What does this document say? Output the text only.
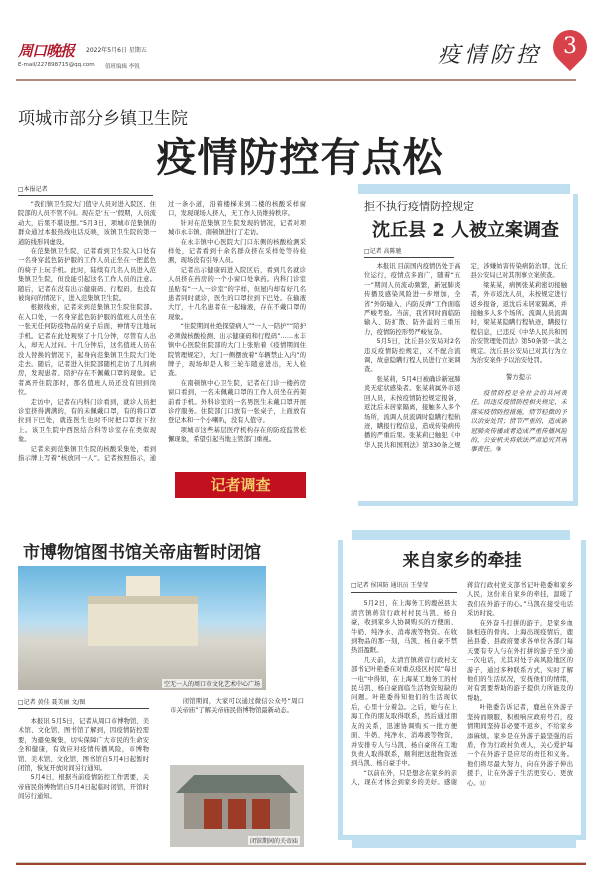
周口晚报 2022年5月6日 星期五
E-mail/227898715@qq.com 值班编辑 李锐	疫情防控 3
项城市部分乡镇卫生院
疫情防控有点松
□本报记者

“我们镇卫生院大门值守人员对进入院区、住院部的人员不管不问。现在是‘五一’假期，人员流动大，后果不堪设想。”5月3日，项城市范集镇的群众通过本报热线电话反映，该镇卫生院的第一道防线形同虚设。

在范集镇卫生院，记者看到卫生院入口处有一名身穿蓝色防护服的工作人员正坐在一把蓝色的椅子上玩手机。此时，陆续有几名人员进入范集镇卫生院，但没能引起这名工作人员的注意。随后，记者在没有出示健康码、行程码，也没有被询问的情况下，进入范集镇卫生院。

根据线索，记者来到范集镇卫生院住院部。在入口处，一名身穿蓝色防护服的值班人员坐在一张无任何防疫物品的桌子后面，神情专注地玩手机。记者在此处观察了十几分钟，尽管有人出入，却无人过问。十几分钟后，这名值班人员在没人替换的情况下，起身向范集镇卫生院大门处走去。随后，记者进入住院部随机走访了几间病房，发现患者、陪护存在不佩戴口罩的现象。记者离开住院部时，那名值班人员还没有回到岗位。

走访中，记者在内科门诊看到，就诊人员把诊室挤得满满的，有的未佩戴口罩，有的将口罩拉到下巴处，就连医生也时不时把口罩拉下拉上。该卫生院中西医结合科等诊室存在类似现象。

记者来到范集镇卫生院的核酸采集处，看到指示牌上写着“核放同一人”。记者按照指示，通过一条小道，沿着楼梯来到二楼的核酸采样窗口，发现现场人挤人，无工作人员维持秩序。

针对在范集镇卫生院发现的情况，记者对项城市永丰镇、南顿镇进行了走访。

在永丰镇中心医院大门口东侧的核酸检测采样处，记者看到十余名群众挤在采样处等待检测，现场没有引导人员。

记者出示健康码进入院区后，看到几名就诊人员挤在药房的一个小窗口处拿药。内科门诊室虽贴有“一人一诊室”的字样，但屋内却有好几名患者同时就诊，医生的口罩拉到下巴处。在输液大厅，十几名患者在一起输液，存在不戴口罩的现象。

“住院期间杜绝探望病人”“一人一陪护”“陪护必须做核酸检测、出示健康码和行程码”……永丰镇中心医院住院部的大门上张贴着《疫情期间住院管理规定》，大门一侧摆放着“车辆禁止入内”的牌子，现场却是人和三轮车随意进出，无人检查。

在南顿镇中心卫生院，记者在门诊一楼药房窗口看到，一名未佩戴口罩的工作人员坐在药架前看手机。外科诊室的一名男医生未戴口罩开展诊疗服务。住院部门口放有一张桌子，上面放有登记本和一个小喇叭，没有人值守。

项城市这些基层医疗机构存在的防疫监管松懈现象，希望引起当地主管部门重视。

记者调查
拒不执行疫情防控规定
沈丘县 2 人被立案调查
□记者 高陈驰

本报讯 目前国内疫情仍处于高位运行，疫情点多面广，随着“五一”期间人员流动频繁，新冠肺炎传播及感染风险进一步增加，全省“外防输入、内防反弹”工作面临严峻考验。当前，我省同时面临防输入、防扩散、防外溢的三重压力，疫情防控形势严峻复杂。

5月5日，沈丘县公安局对2名违反疫情防控规定，又不配合流调，故意隐瞒行程人员进行立案调查。

张某莉，5月4日被确诊新冠肺炎无症状感染者。张某莉属外市返回人员，未按疫情防控规定报备，返沈后未居家隔离，接触多人多个场所，流调人员流调时隐瞒行程轨迹，瞒报行程信息，造成传染病传播的严重后果。张某莉已触犯《中华人民共和国刑法》第330条之规定，涉嫌妨害传染病防治罪，沈丘县公安局已对其刑事立案侦查。

梁某某，病例张某莉密切接触者，外市返沈人员，未按规定进行返乡报备，返沈后未居家隔离，并接触多人多个场所。流调人员流调时，梁某某隐瞒行程轨迹，瞒报行程信息，已违反《中华人民共和国治安管理处罚法》第50条第一款之规定。沈丘县公安局已对其行为立为治安案件予以治安处罚。

警方提示

疫情防控是全社会的共同责任。因违反疫情防控相关规定，未落实疫情防控措施，情节轻微的予以治安处罚；情节严重的，造成新冠肺炎传播或者造成严重传播风险的，公安机关将依法严肃追究其刑事责任。⑨

市博物馆图书馆关帝庙暂时闭馆
空无一人的周口市文化艺术中心广场
□记者 黄佳 聂美丽 文/图

本报讯 5月5日，记者从周口市博物馆、美术馆、文化馆、图书馆了解到，因疫情防控需要，为避免聚集，切实保障广大市民的生命安全和健康，有效应对疫情传播风险，市博物馆、美术馆、文化馆、图书馆自5月4日起暂时闭馆，恢复开放时间另行通知。

5月4日，根据当前疫情防控工作需要，关帝庙民俗博物馆自5月4日起临时闭馆，开馆时间另行通知。

闭馆期间，大家可以通过微信公众号“周口市关帝庙”了解关帝庙民俗博物馆最新动态。

闭馆期间的关帝庙
来自家乡的牵挂
□记者 侯国防 通讯员 王莹莹

5月2日，在上海务工的鹿邑县太清宫镇蒋营行政村村民马凯、杨自豪，收到家乡人协调购买的方便面、牛奶、纯净水、消毒液等物资。在收到物品的那一刻，马凯、杨自豪不禁热泪盈眶。

几天前，太清宫镇蒋营行政村支部书记叶艳委在对重点疫区村民“每日一电”中得知，在上海某工地务工的村民马凯、杨自豪面临生活物资短缺的问题。叶艳委得知他们的生活现状后，心里十分着急。之后，她与在上海工作的朋友取得联系，然后通过朋友的关系，迅速协调购买一批方便面、牛奶、纯净水、消毒液等物资，并安排专人与马凯、杨自豪所在工地负责人取得联系，顺利把这批物资送到马凯、杨自豪手中。

“以前在外，只是想念在家乡的亲人，现在才体会到家乡的美好。感谢蒋营行政村党支部书记叶艳委和家乡人民，这份来自家乡的牵挂，温暖了我们在外游子的心。”马凯在接受电话采访时说。

在外奋斗打拼的游子，是家乡血脉相连的骨肉。上海出现疫情后，鹿邑县委、县政府要求各单位各部门每天要有专人与在外打拼的游子至少通一次电话，尤其对处于高风险地区的游子，通过多种联系方式，实时了解他们的生活状况，安抚他们的情绪，对有需要帮助的游子提供力所能及的帮助。

叶艳委告诉记者，鹿邑在外游子坚持而顺服，积极响应政府号召，疫情期间坚持非必要不返乡，不给家乡添麻烦。家乡是在外游子最坚强的后盾，作为行政村负责人，关心爱护每一个在外游子是应尽的责任和义务。他们将尽最大努力，向在外游子伸出援手，让在外游子生活更安心、更放心。⑪
